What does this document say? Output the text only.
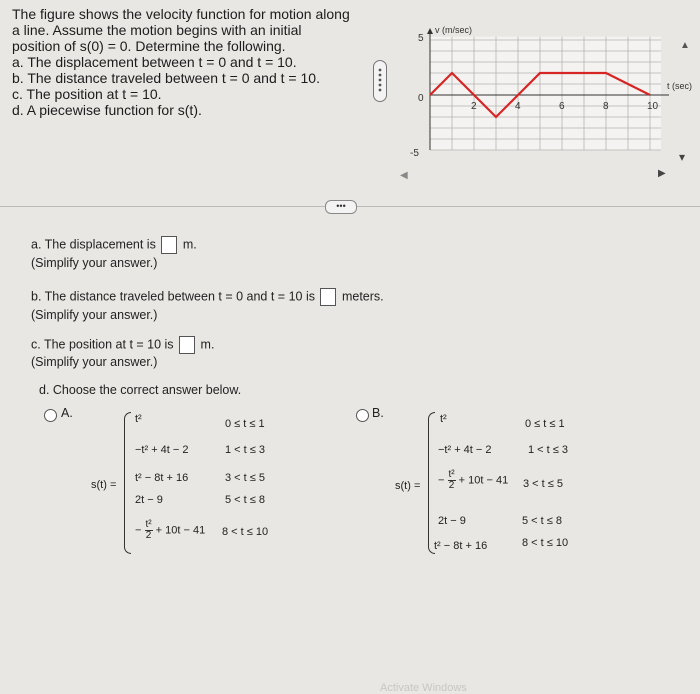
The figure shows the velocity function for motion along
a line. Assume the motion begins with an initial
position of s(0) = 0. Determine the following.
a. The displacement between t = 0 and t = 10.
b. The distance traveled between t = 0 and t = 10.
c. The position at t = 10.
d. A piecewise function for s(t).
v (m/sec)
t (sec)
5
-5
0
2	4	6	8	10
◀
▲
▾
▶
•••
a. The displacement is m.
(Simplify your answer.)
b. The distance traveled between t = 0 and t = 10 is meters.
(Simplify your answer.)
c. The position at t = 10 is m.
(Simplify your answer.)
d. Choose the correct answer below.
A.
s(t) =
t²	0 ≤ t ≤ 1
−t² + 4t − 2	1 < t ≤ 3
t² − 8t + 16	3 < t ≤ 5
2t − 9	5 < t ≤ 8
− $\frac{\text{t²}}{2} + 10t - 41$ 8 < t ≤ 10
B.
s(t) =
t²	0 ≤ t ≤ 1
−t² + 4t − 2	1 < t ≤ 3
− $\frac{\text{t²}}{2} + 10t - 41$ 3 < t ≤ 5
2t − 9	5 < t ≤ 8
t² − 8t + 16	8 < t ≤ 10
Activate Windows
